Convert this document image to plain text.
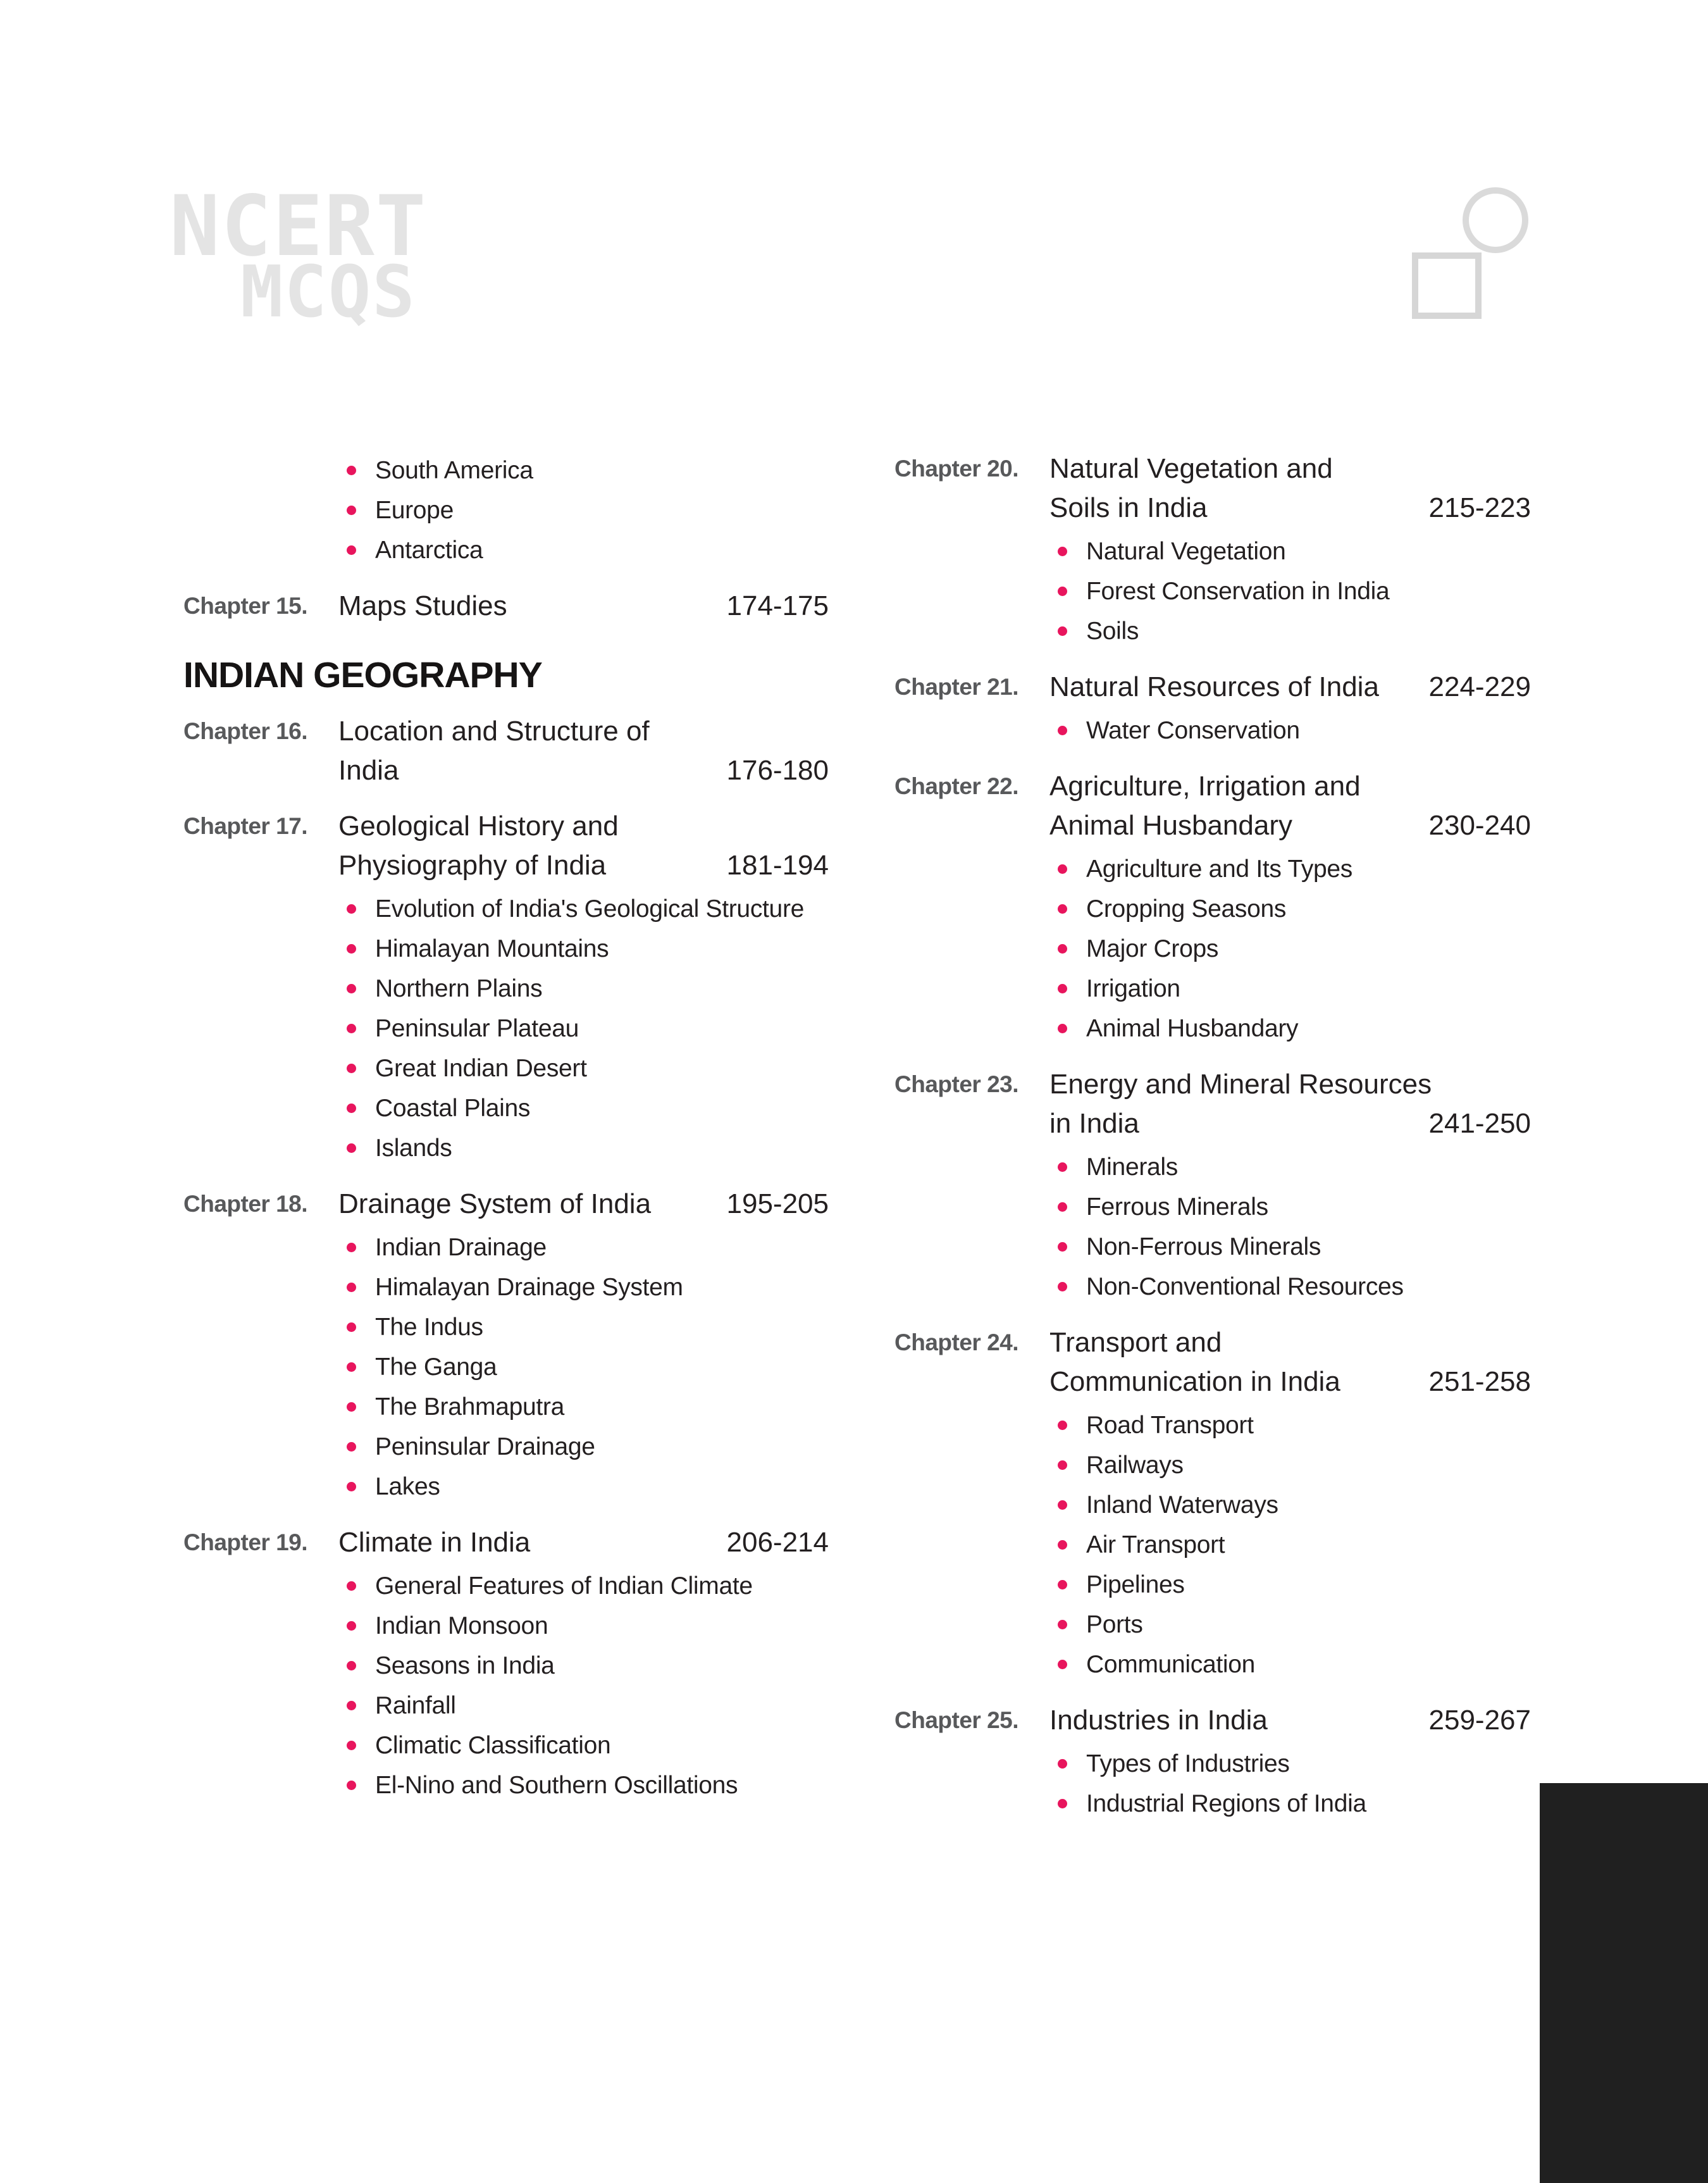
NCERT
MCQS
South America
Europe
Antarctica
Chapter 15.	Maps Studies	174-175
INDIAN GEOGRAPHY
Chapter 16.	Location and Structure of
India	176-180
Chapter 17.	Geological History and
Physiography of India	181-194
Evolution of India's Geological Structure
Himalayan Mountains
Northern Plains
Peninsular Plateau
Great Indian Desert
Coastal Plains
Islands
Chapter 18.	Drainage System of India	195-205
Indian Drainage
Himalayan Drainage System
The Indus
The Ganga
The Brahmaputra
Peninsular Drainage
Lakes
Chapter 19.	Climate in India	206-214
General Features of Indian Climate
Indian Monsoon
Seasons in India
Rainfall
Climatic Classification
El-Nino and Southern Oscillations
Chapter 20.	Natural Vegetation and
Soils in India	215-223
Natural Vegetation
Forest Conservation in India
Soils
Chapter 21.	Natural Resources of India 224-229
Water Conservation
Chapter 22.	Agriculture, Irrigation and
Animal Husbandary	230-240
Agriculture and Its Types
Cropping Seasons
Major Crops
Irrigation
Animal Husbandary
Chapter 23.	Energy and Mineral Resources
in India	241-250
Minerals
Ferrous Minerals
Non-Ferrous Minerals
Non-Conventional Resources
Chapter 24.	Transport and
Communication in India	251-258
Road Transport
Railways
Inland Waterways
Air Transport
Pipelines
Ports
Communication
Chapter 25.	Industries in India	259-267
Types of Industries
Industrial Regions of India
